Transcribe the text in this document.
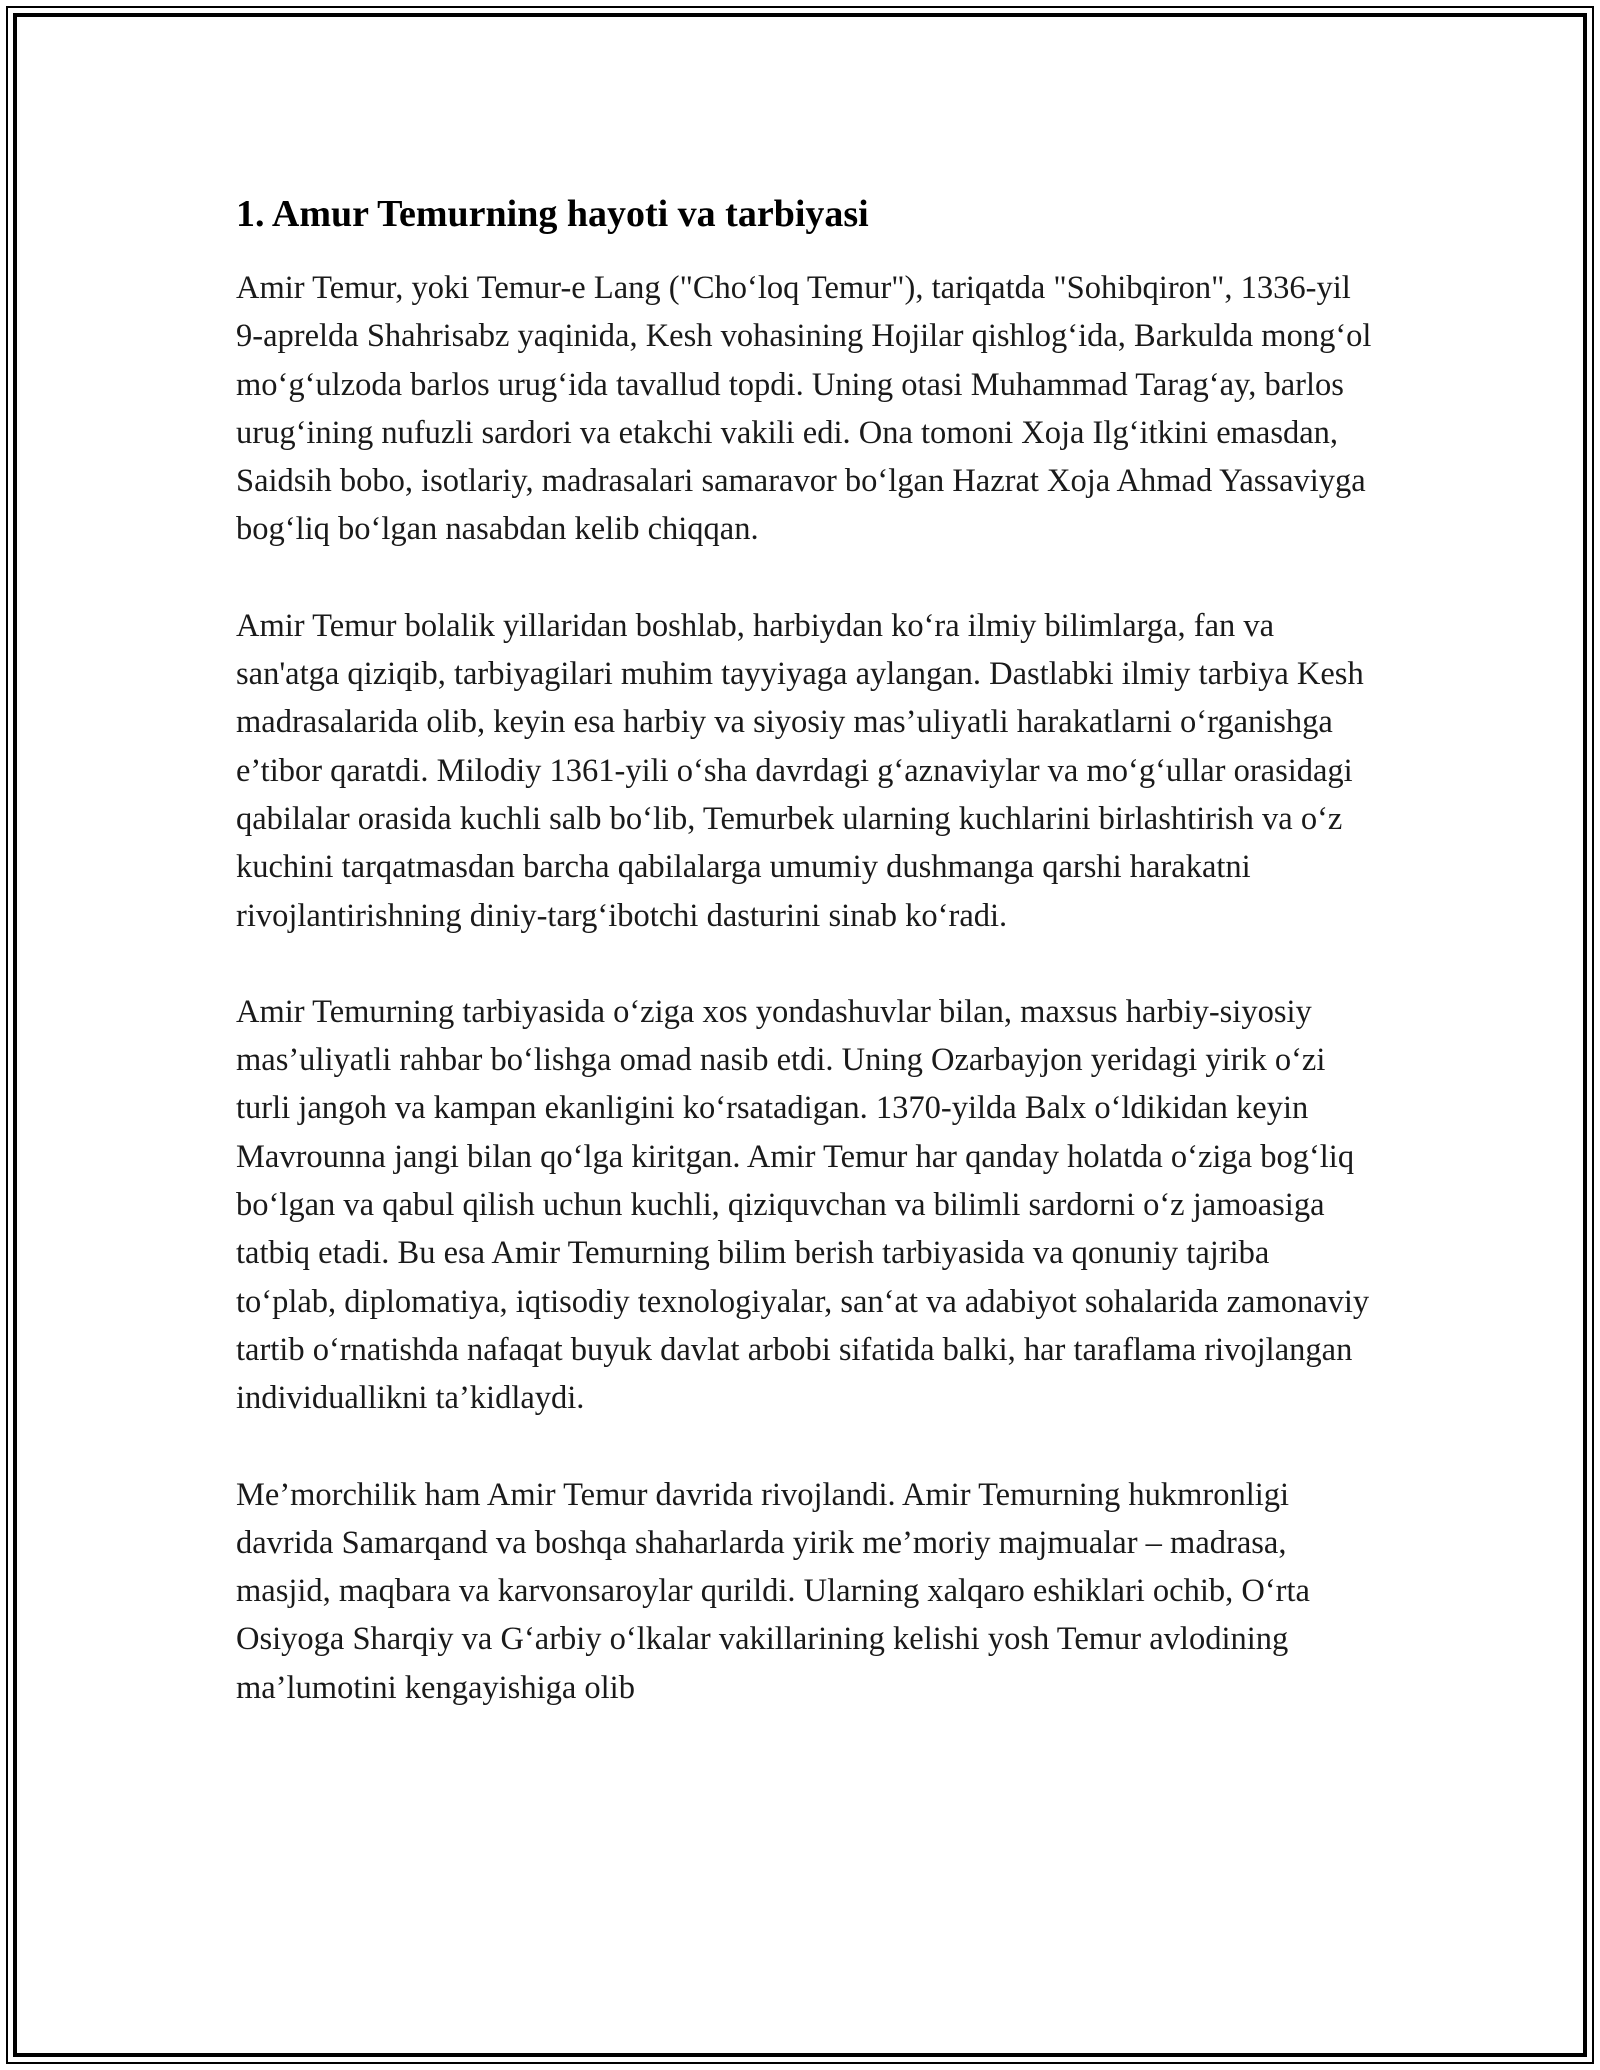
1. Amur Temurning hayoti va tarbiyasi

Amir Temur, yoki Temur-e Lang ("Cho‘loq Temur"), tariqatda "Sohibqiron", 1336-yil 9-aprelda Shahrisabz yaqinida, Kesh vohasining Hojilar qishlog‘ida, Barkulda mong‘ol mo‘g‘ulzoda barlos urug‘ida tavallud topdi. Uning otasi Muhammad Tarag‘ay, barlos urug‘ining nufuzli sardori va etakchi vakili edi. Ona tomoni Xoja Ilg‘itkini emasdan, Saidsih bobo, isotlariy, madrasalari samaravor bo‘lgan Hazrat Xoja Ahmad Yassaviyga bog‘liq bo‘lgan nasabdan kelib chiqqan.

Amir Temur bolalik yillaridan boshlab, harbiydan ko‘ra ilmiy bilimlarga, fan va san'atga qiziqib, tarbiyagilari muhim tayyiyaga aylangan. Dastlabki ilmiy tarbiya Kesh madrasalarida olib, keyin esa harbiy va siyosiy mas’uliyatli harakatlarni o‘rganishga e’tibor qaratdi. Milodiy 1361-yili o‘sha davrdagi g‘aznaviylar va mo‘g‘ullar orasidagi qabilalar orasida kuchli salb bo‘lib, Temurbek ularning kuchlarini birlashtirish va o‘z kuchini tarqatmasdan barcha qabilalarga umumiy dushmanga qarshi harakatni rivojlantirishning diniy-targ‘ibotchi dasturini sinab ko‘radi.

Amir Temurning tarbiyasida o‘ziga xos yondashuvlar bilan, maxsus harbiy-siyosiy mas’uliyatli rahbar bo‘lishga omad nasib etdi. Uning Ozarbayjon yeridagi yirik o‘zi turli jangoh va kampan ekanligini ko‘rsatadigan. 1370-yilda Balx o‘ldikidan keyin Mavrounna jangi bilan qo‘lga kiritgan. Amir Temur har qanday holatda o‘ziga bog‘liq bo‘lgan va qabul qilish uchun kuchli, qiziquvchan va bilimli sardorni o‘z jamoasiga tatbiq etadi. Bu esa Amir Temurning bilim berish tarbiyasida va qonuniy tajriba to‘plab, diplomatiya, iqtisodiy texnologiyalar, san‘at va adabiyot sohalarida zamonaviy tartib o‘rnatishda nafaqat buyuk davlat arbobi sifatida balki, har taraflama rivojlangan individuallikni ta’kidlaydi.

Me’morchilik ham Amir Temur davrida rivojlandi. Amir Temurning hukmronligi davrida Samarqand va boshqa shaharlarda yirik me’moriy majmualar – madrasa, masjid, maqbara va karvonsaroylar qurildi. Ularning xalqaro eshiklari ochib, O‘rta Osiyoga Sharqiy va G‘arbiy o‘lkalar vakillarining kelishi yosh Temur avlodining ma’lumotini kengayishiga olib
